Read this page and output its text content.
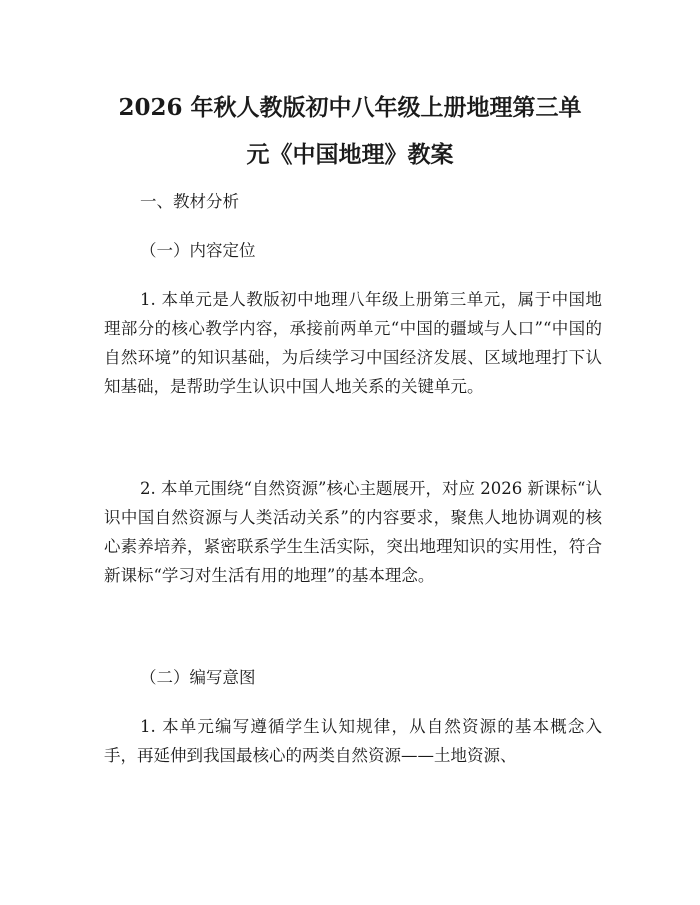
2026 年秋人教版初中八年级上册地理第三单
元《中国地理》教案

一、教材分析

（一）内容定位

1. 本单元是人教版初中地理八年级上册第三单元，属于中国地理部分的核心教学内容，承接前两单元“中国的疆域与人口”“中国的自然环境”的知识基础，为后续学习中国经济发展、区域地理打下认知基础，是帮助学生认识中国人地关系的关键单元。

2. 本单元围绕“自然资源”核心主题展开，对应 2026 新课标“认识中国自然资源与人类活动关系”的内容要求，聚焦人地协调观的核心素养培养，紧密联系学生生活实际，突出地理知识的实用性，符合新课标“学习对生活有用的地理”的基本理念。

（二）编写意图

1. 本单元编写遵循学生认知规律，从自然资源的基本概念入手，再延伸到我国最核心的两类自然资源——土地资源、
